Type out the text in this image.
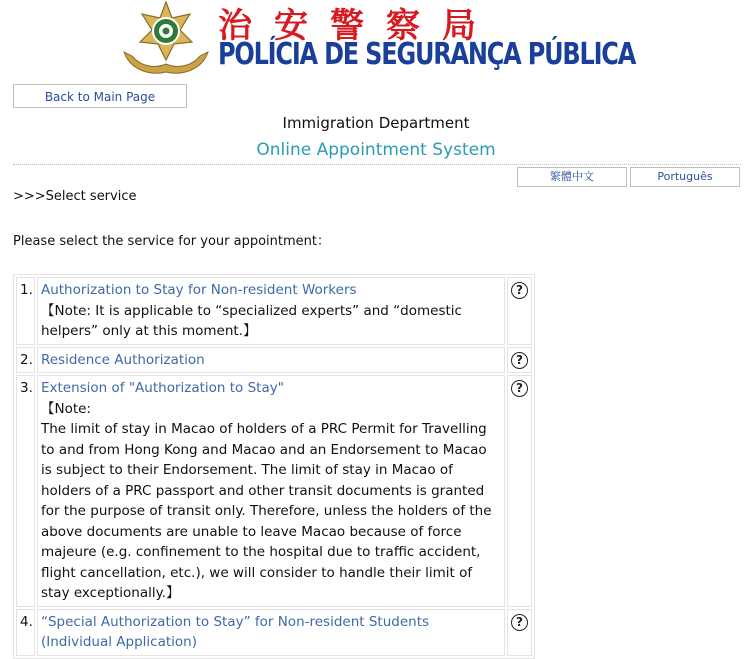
治安警察局
POLÍCIA DE SEGURANÇA PÚBLICA
Back to Main Page
Immigration Department
Online Appointment System
繁體中文	Português
>>>Select service
Please select the service for your appointment：
1.	Authorization to Stay for Non-resident Workers
【Note: It is applicable to “specialized experts” and “domestic helpers” only at this moment.】	?
2.	Residence Authorization	?
3.	Extension of "Authorization to Stay"
【Note:
The limit of stay in Macao of holders of a PRC Permit for Travelling to and from Hong Kong and Macao and an Endorsement to Macao is subject to their Endorsement. The limit of stay in Macao of holders of a PRC passport and other transit documents is granted for the purpose of transit only. Therefore, unless the holders of the above documents are unable to leave Macao because of force majeure (e.g. confinement to the hospital due to traffic accident, flight cancellation, etc.), we will consider to handle their limit of stay exceptionally.】	?
4.	“Special Authorization to Stay” for Non-resident Students (Individual Application)	?
